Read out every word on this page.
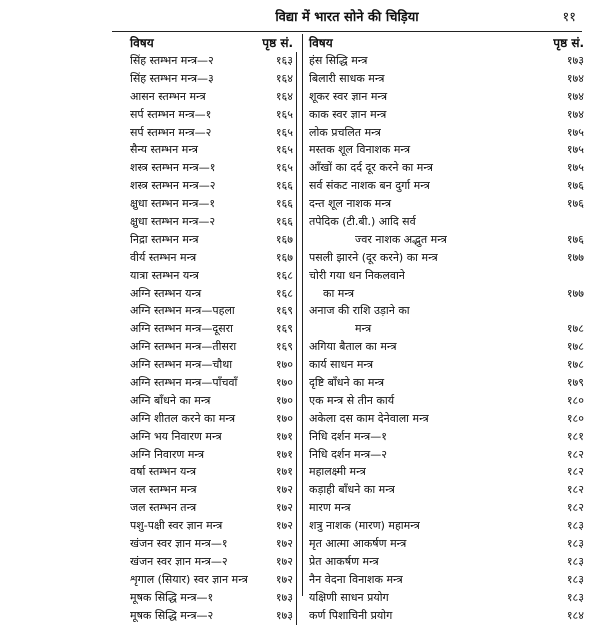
विद्या में भारत सोने की चिड़िया	११
विषय	पृष्ठ सं.
सिंह स्तम्भन मन्त्र—२	१६३
सिंह स्तम्भन मन्त्र—३	१६४
आसन स्तम्भन मन्त्र	१६४
सर्प स्तम्भन मन्त्र—१	१६५
सर्प स्तम्भन मन्त्र—२	१६५
सैन्य स्तम्भन मन्त्र	१६५
शस्त्र स्तम्भन मन्त्र—१	१६५
शस्त्र स्तम्भन मन्त्र—२	१६६
क्षुधा स्तम्भन मन्त्र—१	१६६
क्षुधा स्तम्भन मन्त्र—२	१६६
निद्रा स्तम्भन मन्त्र	१६७
वीर्य स्तम्भन मन्त्र	१६७
यात्रा स्तम्भन यन्त्र	१६८
अग्नि स्तम्भन यन्त्र	१६८
अग्नि स्तम्भन मन्त्र—पहला	१६९
अग्नि स्तम्भन मन्त्र—दूसरा	१६९
अग्नि स्तम्भन मन्त्र—तीसरा	१६९
अग्नि स्तम्भन मन्त्र—चौथा	१७०
अग्नि स्तम्भन मन्त्र—पाँचवाँ	१७०
अग्नि बाँधने का मन्त्र	१७०
अग्नि शीतल करने का मन्त्र	१७०
अग्नि भय निवारण मन्त्र	१७१
अग्नि निवारण मन्त्र	१७१
वर्षा स्तम्भन यन्त्र	१७१
जल स्तम्भन मन्त्र	१७२
जल स्तम्भन तन्त्र	१७२
पशु-पक्षी स्वर ज्ञान मन्त्र	१७२
खंजन स्वर ज्ञान मन्त्र—१	१७२
खंजन स्वर ज्ञान मन्त्र—२	१७२
शृगाल (सियार) स्वर ज्ञान मन्त्र	१७२
मूषक सिद्धि मन्त्र—१	१७३
मूषक सिद्धि मन्त्र—२	१७३
विषय	पृष्ठ सं.
हंस सिद्धि मन्त्र	१७३
बिलारी साधक मन्त्र	१७४
शूकर स्वर ज्ञान मन्त्र	१७४
काक स्वर ज्ञान मन्त्र	१७४
लोक प्रचलित मन्त्र	१७५
मस्तक शूल विनाशक मन्त्र	१७५
आँखों का दर्द दूर करने का मन्त्र	१७५
सर्व संकट नाशक बन दुर्गा मन्त्र	१७६
दन्त शूल नाशक मन्त्र	१७६
तपेदिक (टी.बी.) आदि सर्व
ज्वर नाशक अद्भुत मन्त्र	१७६
पसली झारने (दूर करने) का मन्त्र	१७७
चोरी गया धन निकलवाने
का मन्त्र	१७७
अनाज की राशि उड़ाने का
मन्त्र	१७८
अगिया बैताल का मन्त्र	१७८
कार्य साधन मन्त्र	१७८
दृष्टि बाँधने का मन्त्र	१७९
एक मन्त्र से तीन कार्य	१८०
अकेला दस काम देनेवाला मन्त्र	१८०
निधि दर्शन मन्त्र—१	१८१
निधि दर्शन मन्त्र—२	१८२
महालक्ष्मी मन्त्र	१८२
कड़ाही बाँधने का मन्त्र	१८२
मारण मन्त्र	१८२
शत्रु नाशक (मारण) महामन्त्र	१८३
मृत आत्मा आकर्षण मन्त्र	१८३
प्रेत आकर्षण मन्त्र	१८३
नैन वेदना विनाशक मन्त्र	१८३
यक्षिणी साधन प्रयोग	१८३
कर्ण पिशाचिनी प्रयोग	१८४
